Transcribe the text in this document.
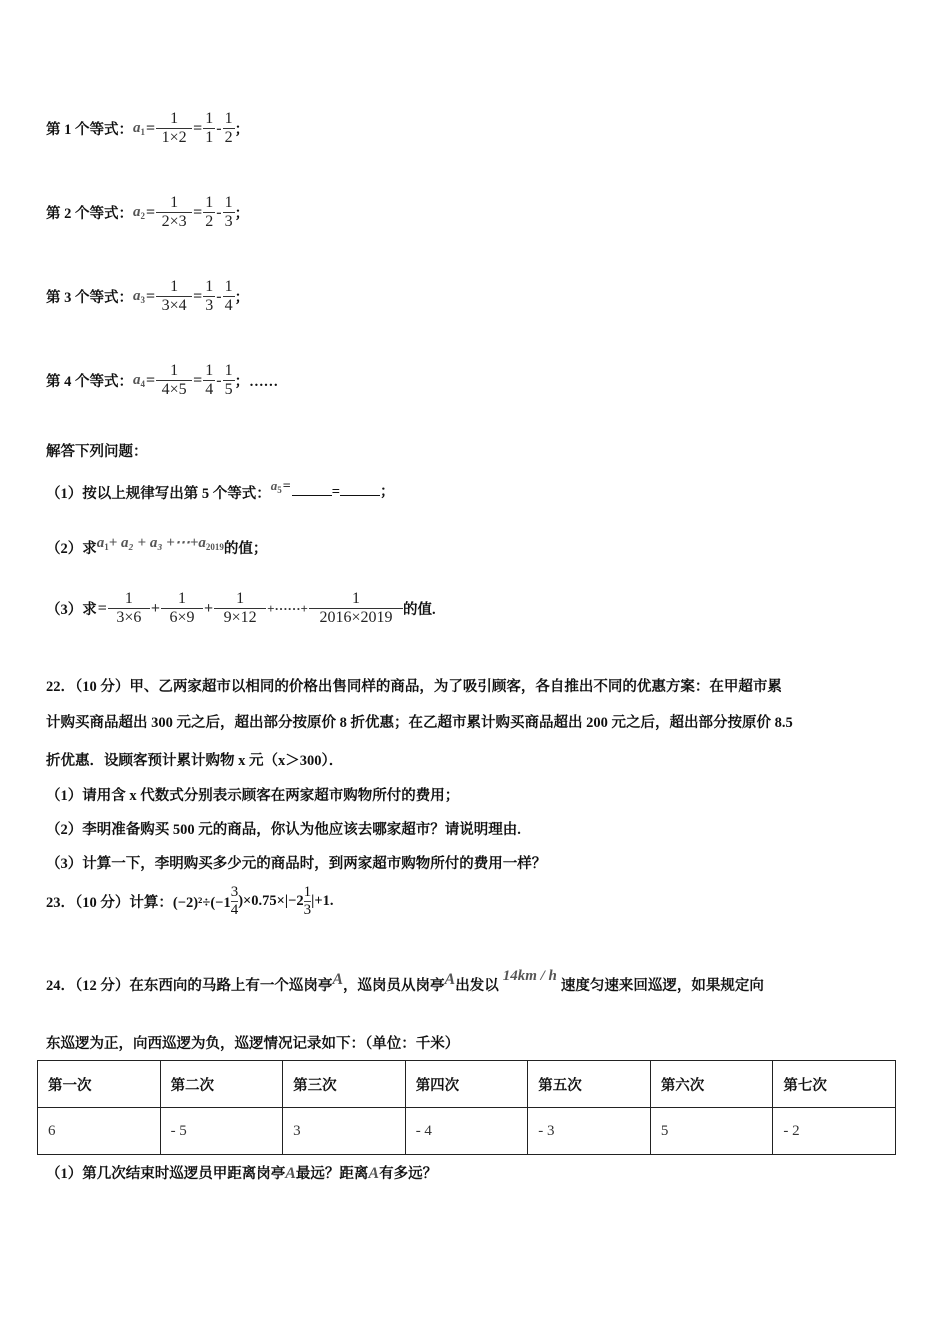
第 1 个等式：$a_1= \frac{1}{1\times 2} = \frac{1}{1} - \frac{1}{2}$ ；
第 2 个等式：$a_2= \frac{1}{2\times 3} = \frac{1}{2} - \frac{1}{3}$ ；
第 3 个等式：$a_3= \frac{1}{3\times 4} = \frac{1}{3} - \frac{1}{4}$ ；
第 4 个等式：$a_4= \frac{1}{4\times 5} = \frac{1}{4} - \frac{1}{5}$ ；……
解答下列问题：
（1）按以上规律写出第 5 个等式：$a_5=$	=	；
（2）求$a_1+ a_2 + a_3$ $+\cdots+a_{2019}$的值；
（3）求= $\frac{1}{3\times 6} + \frac{1}{6\times 9} + \frac{1}{9\times 12}$ +······+ $\frac{1}{2016\times 2019}$ 的值.
22．（10 分）甲、乙两家超市以相同的价格出售同样的商品，为了吸引顾客，各自推出不同的优惠方案：在甲超市累
计购买商品超出 300 元之后，超出部分按原价 8 折优惠；在乙超市累计购买商品超出 200 元之后，超出部分按原价 8.5
折优惠．设顾客预计累计购物 x 元（x＞300）．
（1）请用含 x 代数式分别表示顾客在两家超市购物所付的费用；
（2）李明准备购买 500 元的商品，你认为他应该去哪家超市？请说明理由.
（3）计算一下，李明购买多少元的商品时，到两家超市购物所付的费用一样？
23．（10 分）计算：$(-2)^2\div(-1 \frac{3}{4} )\times 0.75\times|-2 \frac{1}{3} |+1$.
24．（12 分）在东西向的马路上有一个巡岗亭A，巡岗员从岗亭A出发以14km / h速度匀速来回巡逻，如果规定向
东巡逻为正，向西巡逻为负，巡逻情况记录如下：（单位：千米）
第一次	第二次	第三次	第四次	第五次	第六次	第七次
6	- 5	3	- 4	- 3	5	- 2
（1）第几次结束时巡逻员甲距离岗亭A最远？距离A有多远？
